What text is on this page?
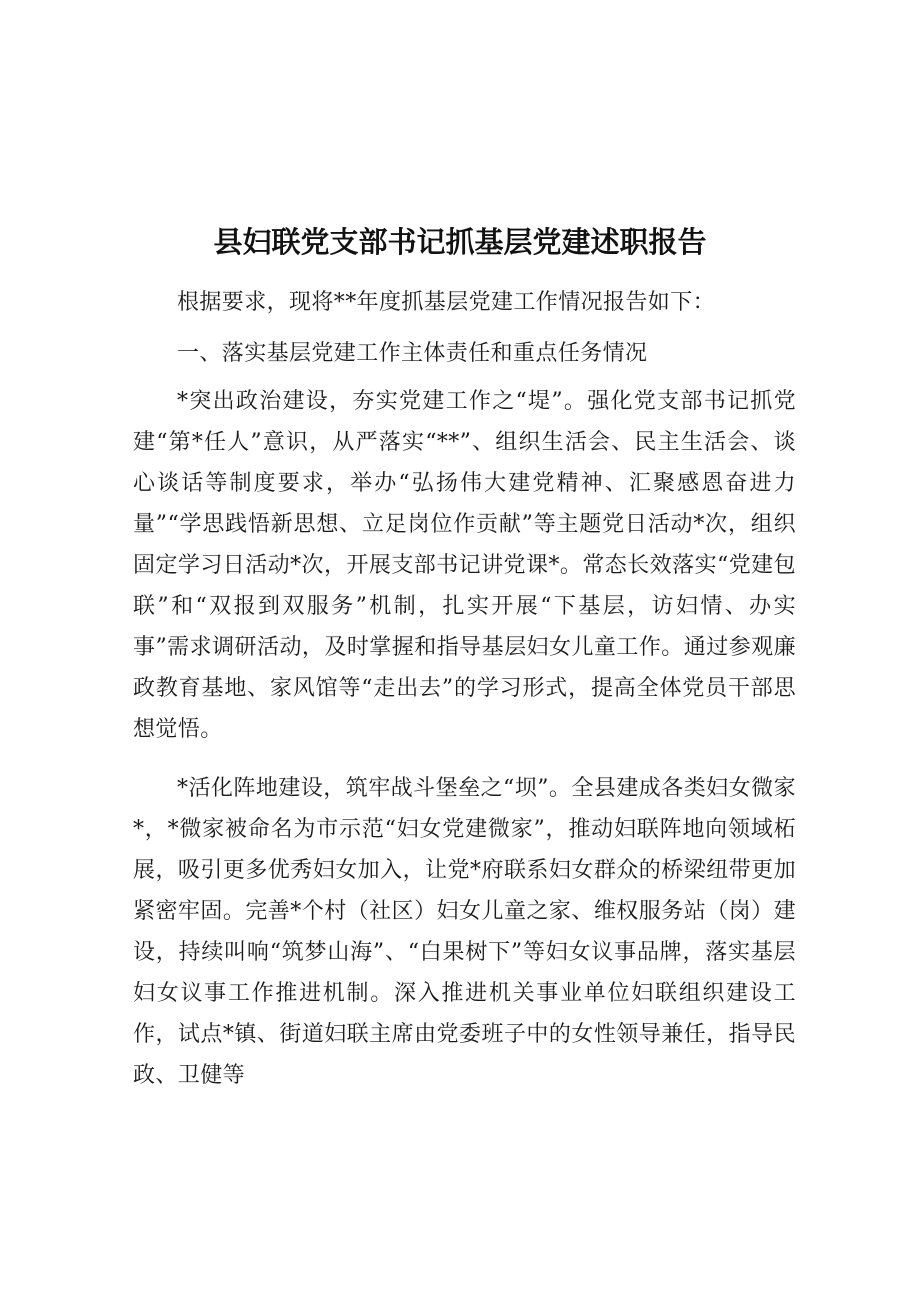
县妇联党支部书记抓基层党建述职报告

根据要求，现将**年度抓基层党建工作情况报告如下：

一、落实基层党建工作主体责任和重点任务情况

*突出政治建设，夯实党建工作之“堤”。强化党支部书记抓党建“第*任人”意识，从严落实“**”、组织生活会、民主生活会、谈心谈话等制度要求，举办“弘扬伟大建党精神、汇聚感恩奋进力量”“学思践悟新思想、立足岗位作贡献”等主题党日活动*次，组织固定学习日活动*次，开展支部书记讲党课*。常态长效落实“党建包联”和“双报到双服务”机制，扎实开展“下基层，访妇情、办实事”需求调研活动，及时掌握和指导基层妇女儿童工作。通过参观廉政教育基地、家风馆等“走出去”的学习形式，提高全体党员干部思想觉悟。

*活化阵地建设，筑牢战斗堡垒之“坝”。全县建成各类妇女微家*，*微家被命名为市示范“妇女党建微家”，推动妇联阵地向领域柘展，吸引更多优秀妇女加入，让党*府联系妇女群众的桥梁纽带更加紧密牢固。完善*个村（社区）妇女儿童之家、维权服务站（岗）建设，持续叫响“筑梦山海”、“白果树下”等妇女议事品牌，落实基层妇女议事工作推进机制。深入推进机关事业单位妇联组织建设工作，试点*镇、街道妇联主席由党委班子中的女性领导兼任，指导民政、卫健等
